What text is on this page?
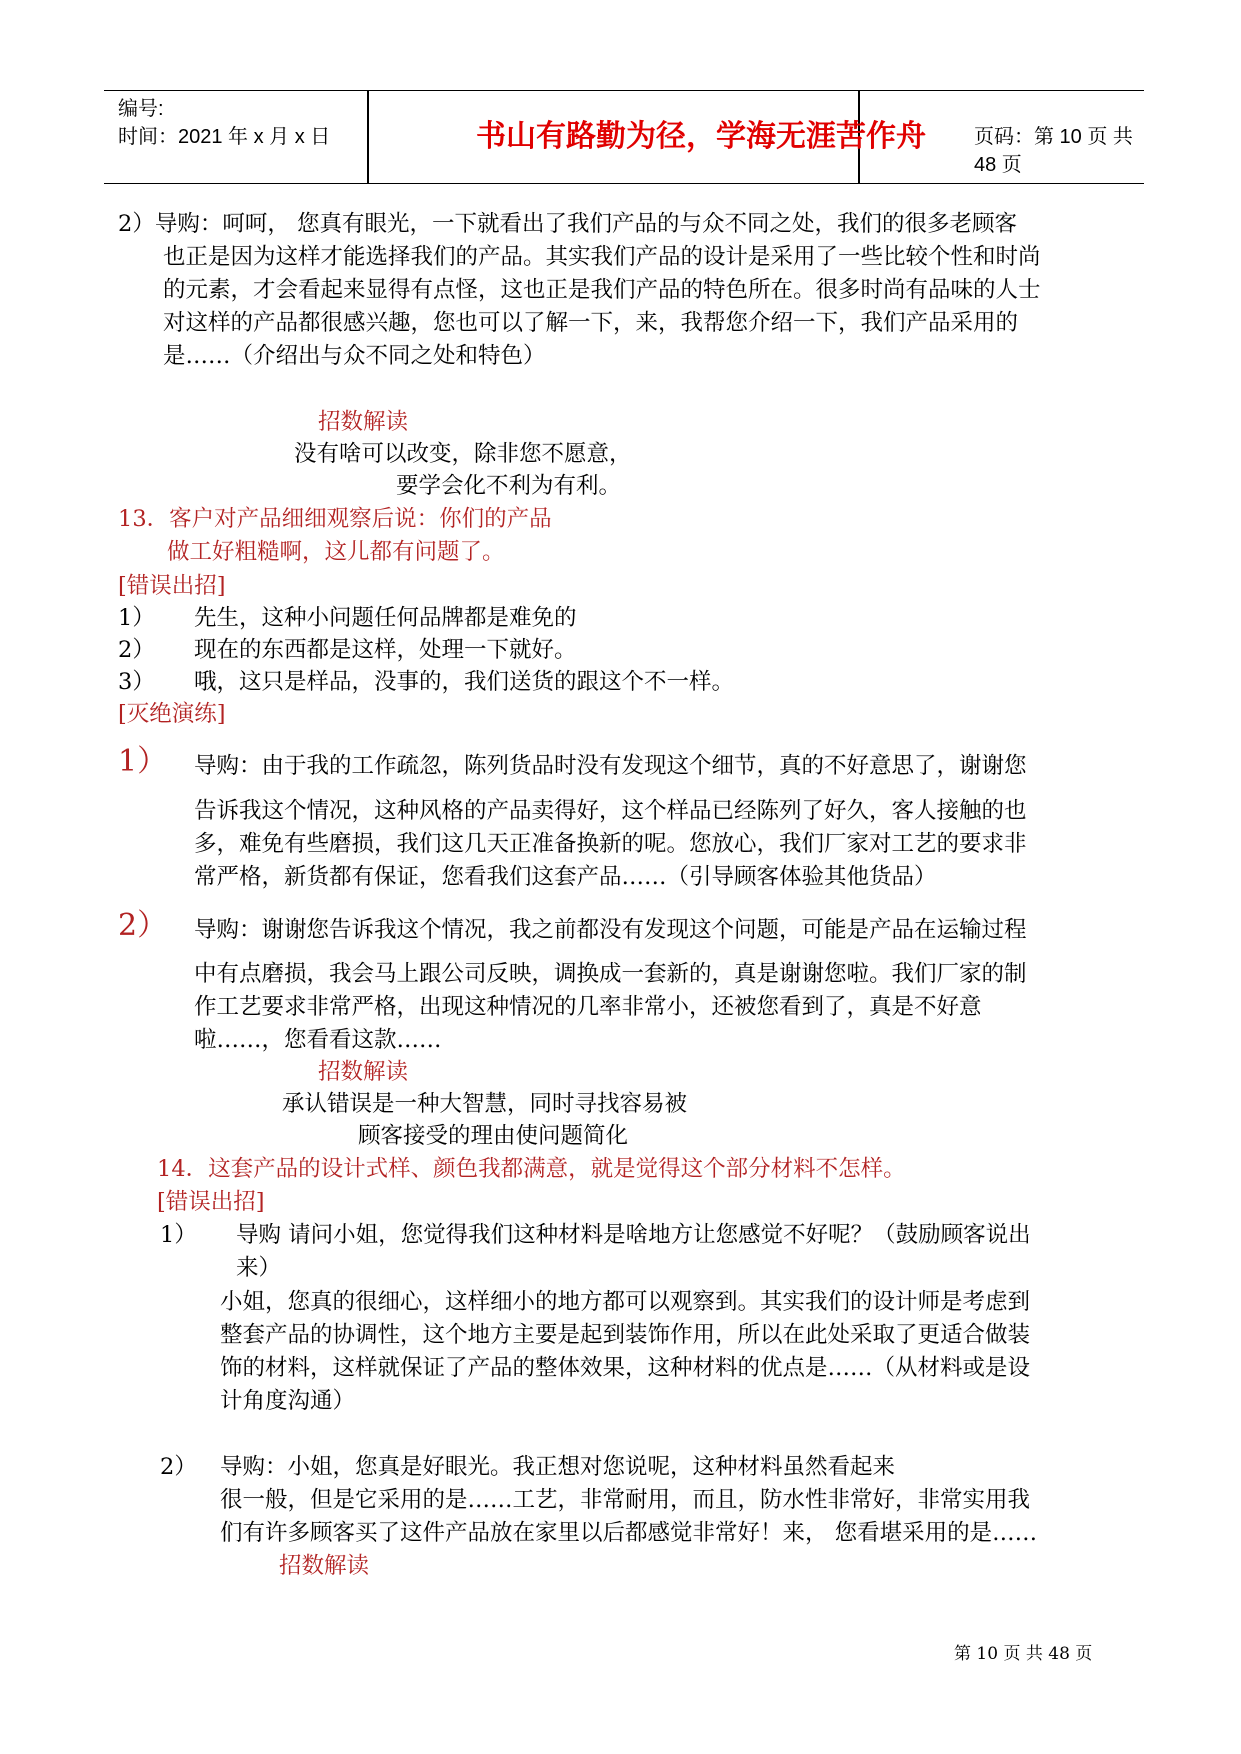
编号:
时间：2021 年 x 月 x 日	书山有路勤为径，学海无涯苦作舟	页码：第 10 页 共 48 页
2）导购：呵呵， 您真有眼光，一下就看出了我们产品的与众不同之处，我们的很多老顾客
也正是因为这样才能选择我们的产品。其实我们产品的设计是采用了一些比较个性和时尚
的元素，才会看起来显得有点怪，这也正是我们产品的特色所在。很多时尚有品味的人士
对这样的产品都很感兴趣，您也可以了解一下，来，我帮您介绍一下，我们产品采用的
是……（介绍出与众不同之处和特色）
招数解读
没有啥可以改变，除非您不愿意，
要学会化不利为有利。
13．客户对产品细细观察后说：你们的产品
做工好粗糙啊，这儿都有问题了。
[错误出招]
1） 先生，这种小问题任何品牌都是难免的
2） 现在的东西都是这样，处理一下就好。
3） 哦，这只是样品，没事的，我们送货的跟这个不一样。
[灭绝演练]
1） 导购：由于我的工作疏忽，陈列货品时没有发现这个细节，真的不好意思了，谢谢您
告诉我这个情况，这种风格的产品卖得好，这个样品已经陈列了好久，客人接触的也
多，难免有些磨损，我们这几天正准备换新的呢。您放心，我们厂家对工艺的要求非
常严格，新货都有保证，您看我们这套产品……（引导顾客体验其他货品）
2） 导购：谢谢您告诉我这个情况，我之前都没有发现这个问题，可能是产品在运输过程
中有点磨损，我会马上跟公司反映，调换成一套新的，真是谢谢您啦。我们厂家的制
作工艺要求非常严格，出现这种情况的几率非常小，还被您看到了，真是不好意
啦……，您看看这款……
招数解读
承认错误是一种大智慧，同时寻找容易被
顾客接受的理由使问题简化
14．这套产品的设计式样、颜色我都满意，就是觉得这个部分材料不怎样。
[错误出招]
1） 导购 请问小姐，您觉得我们这种材料是啥地方让您感觉不好呢？（鼓励顾客说出
来）
小姐，您真的很细心，这样细小的地方都可以观察到。其实我们的设计师是考虑到
整套产品的协调性，这个地方主要是起到装饰作用，所以在此处采取了更适合做装
饰的材料，这样就保证了产品的整体效果，这种材料的优点是……（从材料或是设
计角度沟通）
2） 导购：小姐，您真是好眼光。我正想对您说呢，这种材料虽然看起来
很一般，但是它采用的是……工艺，非常耐用，而且，防水性非常好，非常实用我
们有许多顾客买了这件产品放在家里以后都感觉非常好！来， 您看堪采用的是……
招数解读
第 10 页 共 48 页
